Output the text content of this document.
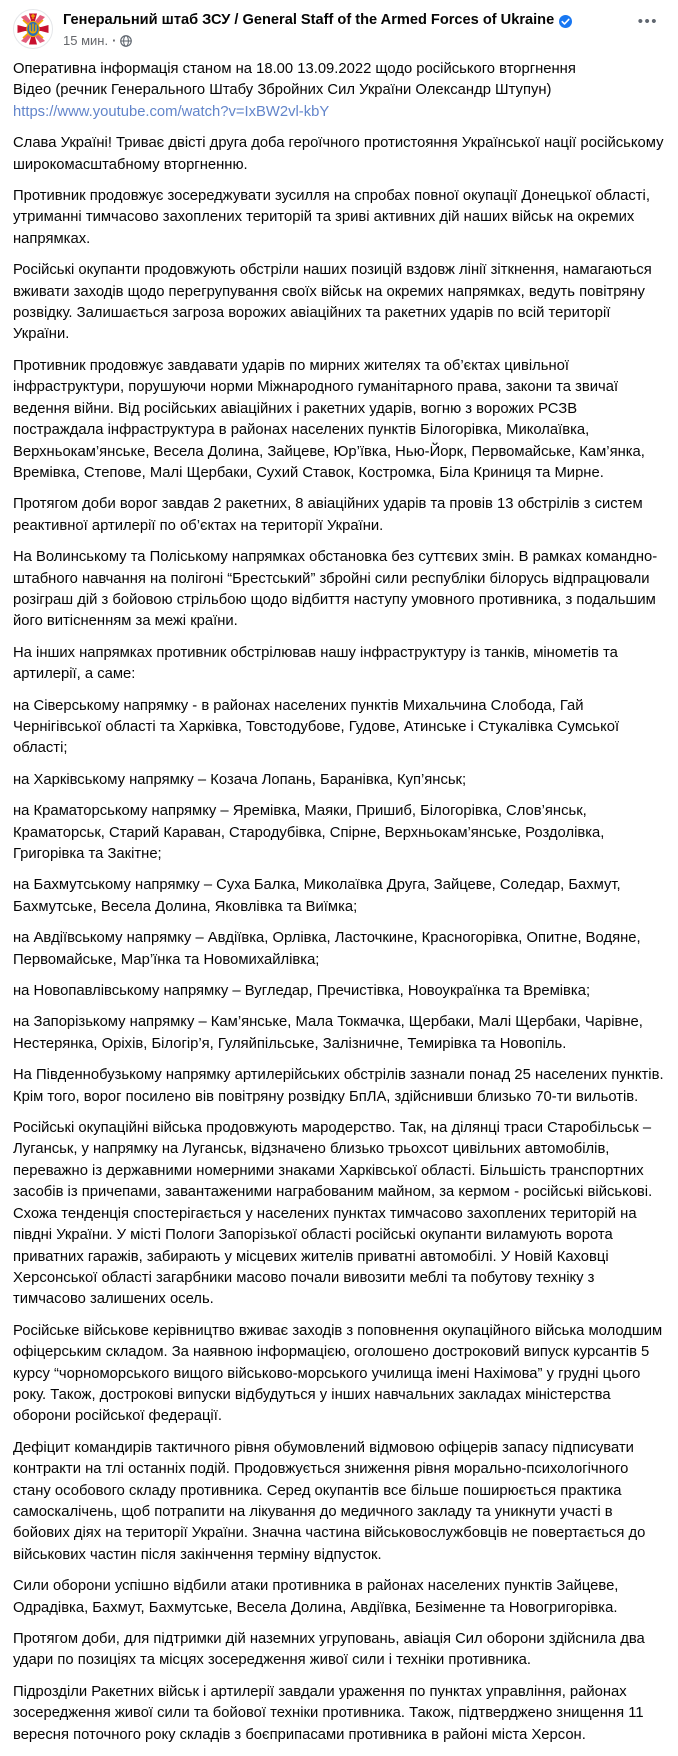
Генеральний штаб ЗСУ / General Staff of the Armed Forces of Ukraine
15 мин. ·
•••
Оперативна інформація станом на 18.00 13.09.2022 щодо російського вторгнення
Відео (речник Генерального Штабу Збройних Сил України Олександр Штупун)
https://www.youtube.com/watch?v=IxBW2vl-kbY

Слава Україні! Триває двісті друга доба героїчного протистояння Української нації російському широкомасштабному вторгненню.

Противник продовжує зосереджувати зусилля на спробах повної окупації Донецької області, утриманні тимчасово захоплених територій та зриві активних дій наших військ на окремих напрямках.

Російські окупанти продовжують обстріли наших позицій вздовж лінії зіткнення, намагаються вживати заходів щодо перегрупування своїх військ на окремих напрямках, ведуть повітряну розвідку. Залишається загроза ворожих авіаційних та ракетних ударів по всій території України.

Противник продовжує завдавати ударів по мирних жителях та об’єктах цивільної інфраструктури, порушуючи норми Міжнародного гуманітарного права, закони та звичаї ведення війни. Від російських авіаційних і ракетних ударів, вогню з ворожих РСЗВ постраждала інфраструктура в районах населених пунктів Білогорівка, Миколаївка, Верхньокам’янське, Весела Долина, Зайцеве, Юр’ївка, Нью-Йорк, Первомайське, Кам’янка, Времівка, Степове, Малі Щербаки, Сухий Ставок, Костромка, Біла Криниця та Мирне.

Протягом доби ворог завдав 2 ракетних, 8 авіаційних ударів та провів 13 обстрілів з систем реактивної артилерії по об’єктах на території України.

На Волинському та Поліському напрямках обстановка без суттєвих змін. В рамках командно-штабного навчання на полігоні “Брестський” збройні сили республіки білорусь відпрацювали розіграш дій з бойовою стрільбою щодо відбиття наступу умовного противника, з подальшим його витісненням за межі країни.

На інших напрямках противник обстрілював нашу інфраструктуру із танків, мінометів та артилерії, а саме:

на Сіверському напрямку - в районах населених пунктів Михальчина Слобода, Гай Чернігівської області та Харківка, Товстодубове, Гудове, Атинське і Стукалівка Сумської області;

на Харківському напрямку – Козача Лопань, Баранівка, Куп’янськ;

на Краматорському напрямку – Яремівка, Маяки, Пришиб, Білогорівка, Слов’янськ, Краматорськ, Старий Караван, Стародубівка, Спірне, Верхньокам’янське, Роздолівка, Григорівка та Закітне;

на Бахмутському напрямку – Суха Балка, Миколаївка Друга, Зайцеве, Соледар, Бахмут, Бахмутське, Весела Долина, Яковлівка та Виїмка;

на Авдіївському напрямку – Авдіївка, Орлівка, Ласточкине, Красногорівка, Опитне, Водяне, Первомайське, Мар’їнка та Новомихайлівка;

на Новопавлівському напрямку – Вугледар, Пречистівка, Новоукраїнка та Времівка;

на Запорізькому напрямку – Кам’янське, Мала Токмачка, Щербаки, Малі Щербаки, Чарівне, Нестерянка, Оріхів, Білогір’я, Гуляйпільське, Залізничне, Темирівка та Новопіль.

На Південнобузькому напрямку артилерійських обстрілів зазнали понад 25 населених пунктів. Крім того, ворог посилено вів повітряну розвідку БпЛА, здійснивши близько 70-ти вильотів.

Російські окупаційні війська продовжують мародерство. Так, на ділянці траси Старобільськ – Луганськ, у напрямку на Луганськ, відзначено близько трьохсот цивільних автомобілів, переважно із державними номерними знаками Харківської області. Більшість транспортних засобів із причепами, завантаженими награбованим майном, за кермом - російські військові. Схожа тенденція спостерігається у населених пунктах тимчасово захоплених територій на півдні України. У місті Пологи Запорізької області російські окупанти виламують ворота приватних гаражів, забирають у місцевих жителів приватні автомобілі. У Новій Каховці Херсонської області загарбники масово почали вивозити меблі та побутову техніку з тимчасово залишених осель.

Російське військове керівництво вживає заходів з поповнення окупаційного війська молодшим офіцерським складом. За наявною інформацією, оголошено достроковий випуск курсантів 5 курсу “чорноморського вищого військово-морського училища імені Нахімова” у грудні цього року. Також, дострокові випуски відбудуться у інших навчальних закладах міністерства оборони російської федерації.

Дефіцит командирів тактичного рівня обумовлений відмовою офіцерів запасу підписувати контракти на тлі останніх подій. Продовжується зниження рівня морально-психологічного стану особового складу противника. Серед окупантів все більше поширюється практика самоскалічень, щоб потрапити на лікування до медичного закладу та уникнути участі в бойових діях на території України. Значна частина військовослужбовців не повертається до військових частин після закінчення терміну відпусток.

Сили оборони успішно відбили атаки противника в районах населених пунктів Зайцеве, Одрадівка, Бахмут, Бахмутське, Весела Долина, Авдіївка, Безіменне та Новогригорівка.

Протягом доби, для підтримки дій наземних угруповань, авіація Сил оборони здійснила два удари по позиціях та місцях зосередження живої сили і техніки противника.

Підрозділи Ракетних військ і артилерії завдали ураження по пунктах управління, районах зосередження живої сили та бойової техніки противника. Також, підтверджено знищення 11 вересня поточного року складів з боєприпасами противника в районі міста Херсон.
